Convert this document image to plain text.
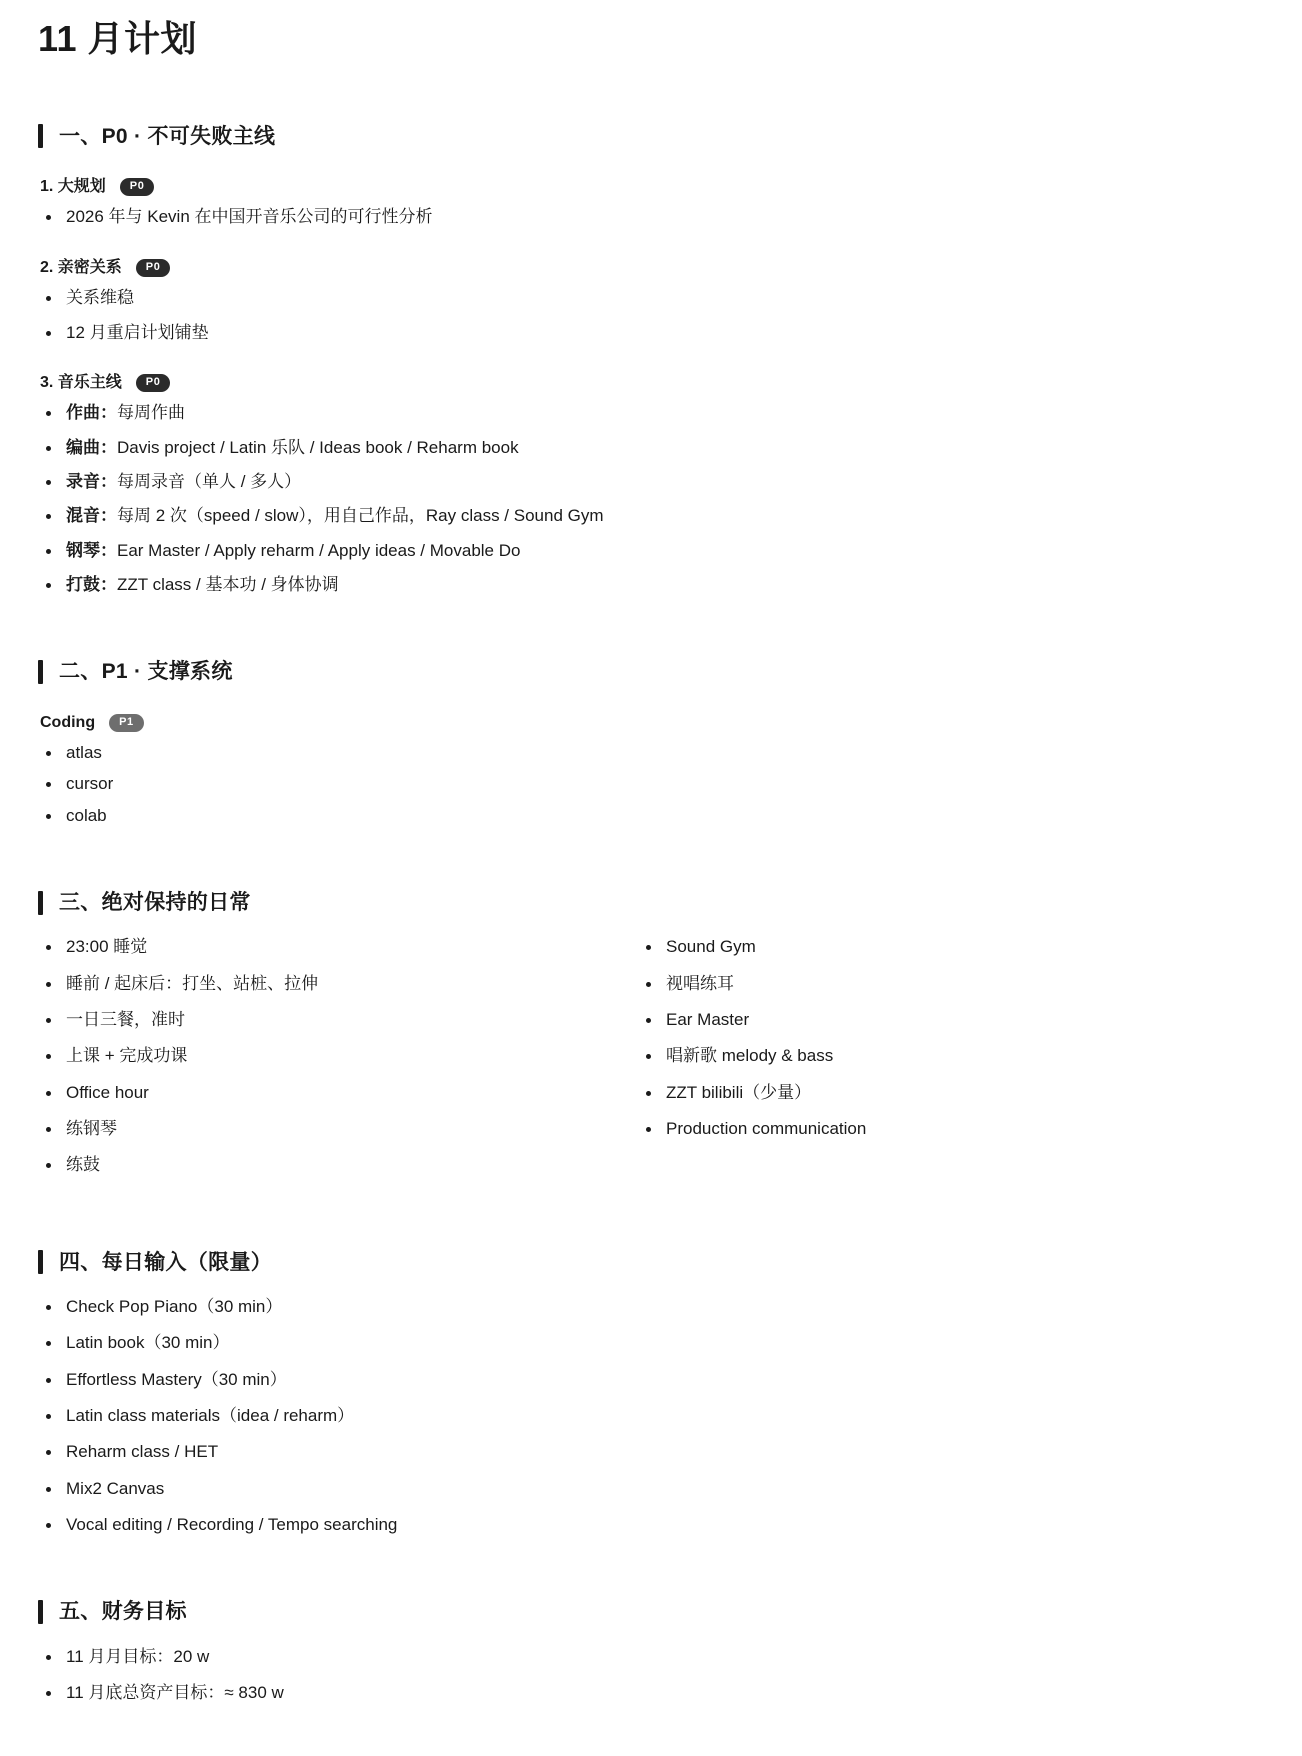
11 月计划
一、P0 · 不可失败主线
1. 大规划	P0
2026 年与 Kevin 在中国开音乐公司的可行性分析
2. 亲密关系	P0
关系维稳
12 月重启计划铺垫
3. 音乐主线	P0
作曲：每周作曲
编曲：Davis project / Latin 乐队 / Ideas book / Reharm book
录音：每周录音（单人 / 多人）
混音：每周 2 次（speed / slow），用自己作品，Ray class / Sound Gym
钢琴：Ear Master / Apply reharm / Apply ideas / Movable Do
打鼓：ZZT class / 基本功 / 身体协调
二、P1 · 支撑系统
Coding	P1
atlas
cursor
colab
三、绝对保持的日常
23:00 睡觉
睡前 / 起床后：打坐、站桩、拉伸
一日三餐，准时
上课 + 完成功课
Office hour
练钢琴
练鼓
Sound Gym
视唱练耳
Ear Master
唱新歌 melody & bass
ZZT bilibili（少量）
Production communication
四、每日输入（限量）
Check Pop Piano（30 min）
Latin book（30 min）
Effortless Mastery（30 min）
Latin class materials（idea / reharm）
Reharm class / HET
Mix2 Canvas
Vocal editing / Recording / Tempo searching
五、财务目标
11 月月目标：20 w
11 月底总资产目标：≈ 830 w
